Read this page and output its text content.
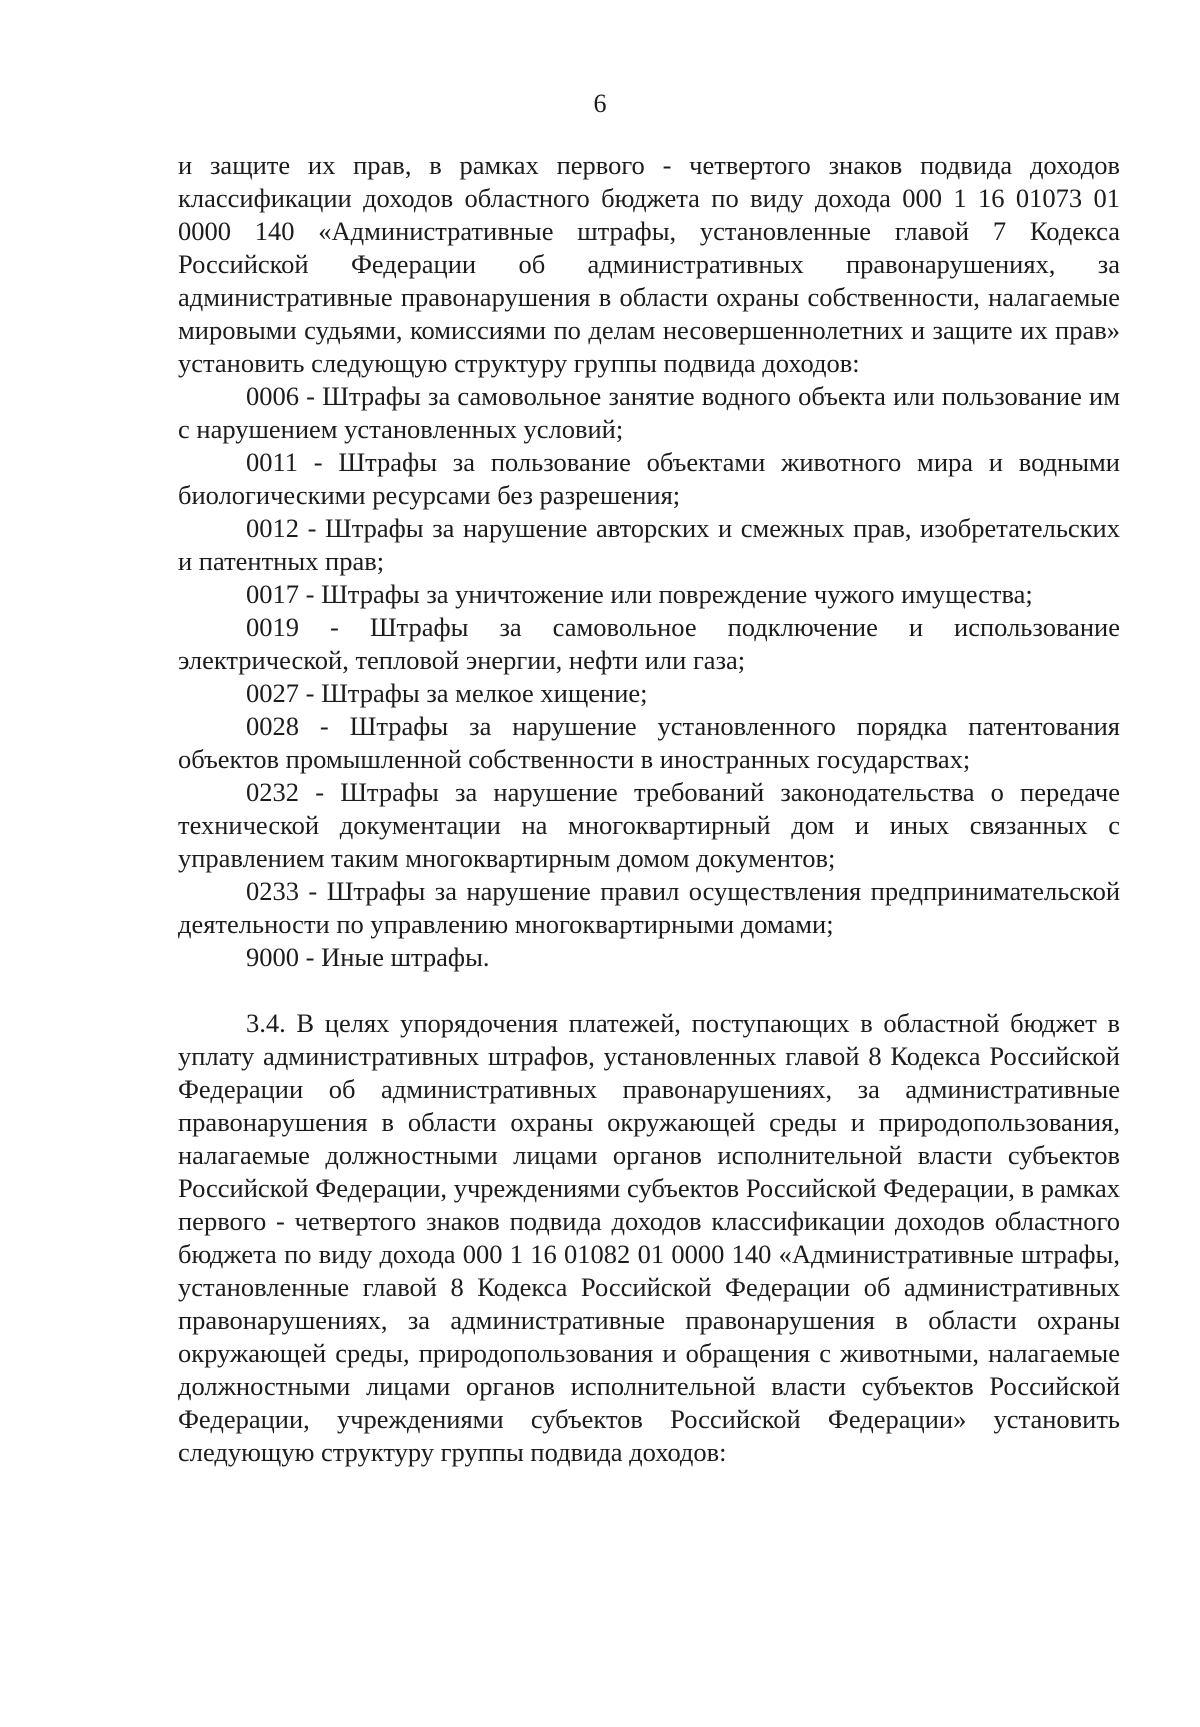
6

и защите их прав, в рамках первого - четвертого знаков подвида доходов классификации доходов областного бюджета по виду дохода 000 1 16 01073 01 0000 140 «Административные штрафы, установленные главой 7 Кодекса Российской Федерации об административных правонарушениях, за административные правонарушения в области охраны собственности, налагаемые мировыми судьями, комиссиями по делам несовершеннолетних и защите их прав» установить следующую структуру группы подвида доходов:

0006 - Штрафы за самовольное занятие водного объекта или пользование им с нарушением установленных условий;

0011 - Штрафы за пользование объектами животного мира и водными биологическими ресурсами без разрешения;

0012 - Штрафы за нарушение авторских и смежных прав, изобретательских и патентных прав;

0017 - Штрафы за уничтожение или повреждение чужого имущества;

0019 - Штрафы за самовольное подключение и использование электрической, тепловой энергии, нефти или газа;

0027 - Штрафы за мелкое хищение;

0028 - Штрафы за нарушение установленного порядка патентования объектов промышленной собственности в иностранных государствах;

0232 - Штрафы за нарушение требований законодательства о передаче технической документации на многоквартирный дом и иных связанных с управлением таким многоквартирным домом документов;

0233 - Штрафы за нарушение правил осуществления предпринимательской деятельности по управлению многоквартирными домами;

9000 - Иные штрафы.

3.4. В целях упорядочения платежей, поступающих в областной бюджет в уплату административных штрафов, установленных главой 8 Кодекса Российской Федерации об административных правонарушениях, за административные правонарушения в области охраны окружающей среды и природопользования, налагаемые должностными лицами органов исполнительной власти субъектов Российской Федерации, учреждениями субъектов Российской Федерации, в рамках первого - четвертого знаков подвида доходов классификации доходов областного бюджета по виду дохода 000 1 16 01082 01 0000 140 «Административные штрафы, установленные главой 8 Кодекса Российской Федерации об административных правонарушениях, за административные правонарушения в области охраны окружающей среды, природопользования и обращения с животными, налагаемые должностными лицами органов исполнительной власти субъектов Российской Федерации, учреждениями субъектов Российской Федерации» установить следующую структуру группы подвида доходов:
